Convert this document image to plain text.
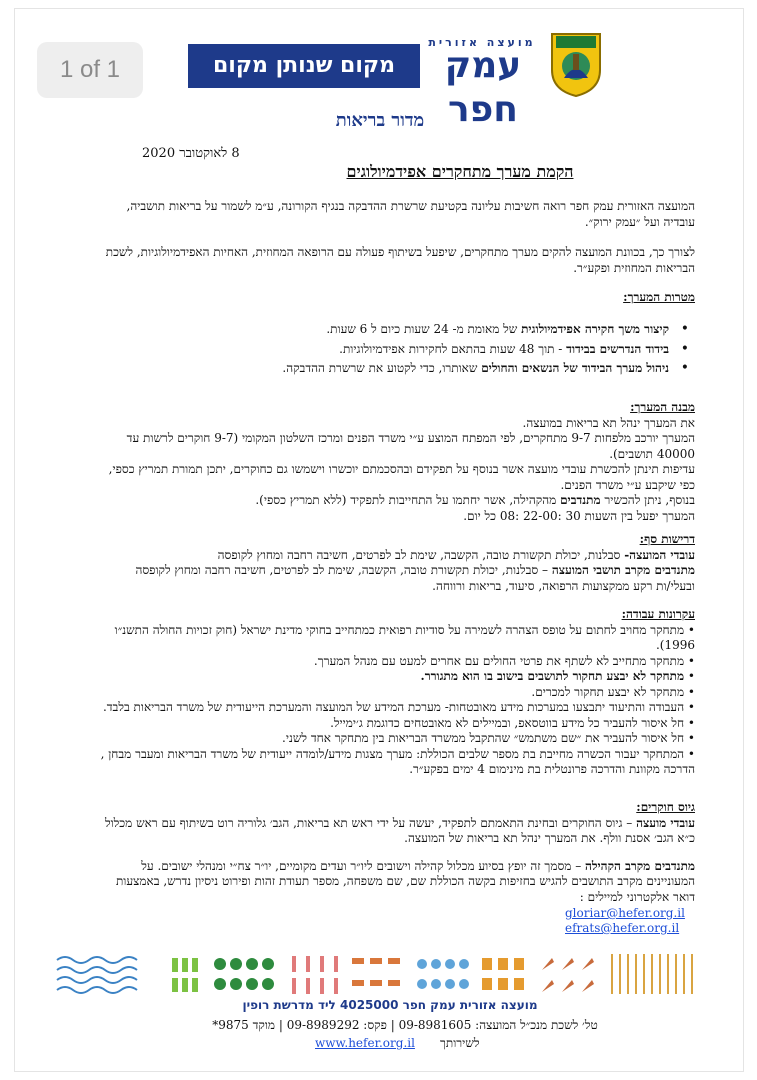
1 of 1
מועצה אזורית
עמק חפר
מקום שנותן מקום
מדור בריאות
8 לאוקטובר 2020
הקמת מערך מתחקרים אפידמיולוגים
המועצה האזורית עמק חפר רואה חשיבות עליונה בקטיעת שרשרת ההדבקה בנגיף הקורונה, ע״מ לשמור על בריאות תושביה, עובדיה ועל ״עמק ירוק״.
לצורך כך, בכוונת המועצה להקים מערך מתחקרים, שיפעל בשיתוף פעולה עם הרופאה המחוזית, האחיות האפידמיולוגיות, לשכת הבריאות המחוזית ופקע״ר.
מטרות המערך:
• קיצור משך חקירה אפידמיולוגית של מאומת מ- 24 שעות כיום ל 6 שעות.
• בידוד הנדרשים בבידוד - תוך 48 שעות בהתאם לחקירות אפידמיולוגיות.
• ניהול מערך הבידוד של הנשאים והחולים שאותרו, כדי לקטוע את שרשרת ההדבקה.
מבנה המערך:
את המערך ינהל תא בריאות במועצה.
המערך יורכב מלפחות 9-7 מתחקרים, לפי המפתח המוצע ע״י משרד הפנים ומרכז השלטון המקומי (9-7 חוקרים לרשות עד 40000 תושבים).
עדיפות תינתן להכשרת עובדי מועצה אשר בנוסף על תפקידם ובהסכמתם יוכשרו וישמשו גם כחוקרים, יתכן תמורת תמריץ כספי, כפי שיקבע ע״י משרד הפנים.
בנוסף, ניתן להכשיר מתנדבים מהקהילה, אשר יחתמו על התחייבות לתפקיד (ללא תמריץ כספי).
המערך יפעל בין השעות 30 :22-00 :08 כל יום.
דרישות סף:
עובדי המועצה- סבלנות, יכולת תקשורת טובה, הקשבה, שימת לב לפרטים, חשיבה רחבה ומחוץ לקופסה
מתנדבים מקרב תושבי המועצה – סבלנות, יכולת תקשורת טובה, הקשבה, שימת לב לפרטים, חשיבה רחבה ומחוץ לקופסה ובעלי/ות רקע ממקצועות הרפואה, סיעוד, בריאות ורווחה.
עקרונות עבודה:
• מתחקר מחויב לחתום על טופס הצהרה לשמירה על סודיות רפואית כמתחייב בחוקי מדינת ישראל (חוק זכויות החולה התשנ״ו 1996).
• מתחקר מתחייב לא לשתף את פרטי החולים עם אחרים למעט עם מנהל המערך.
• מתחקר לא יבצע תחקור לתושבים בישוב בו הוא מתגורר.
• מתחקר לא יבצע תחקור למכרים.
• העבודה והתיעוד יתבצעו במערכות מידע מאובטחות- מערכת המידע של המועצה והמערכת הייעודית של משרד הבריאות בלבד.
• חל איסור להעביר כל מידע בווטסאפ, ובמיילים לא מאובטחים כדוגמת ג׳ימייל.
• חל איסור להעביר את ״שם משתמש״ שהתקבל ממשרד הבריאות בין מתחקר אחד לשני.
• המתחקר יעבור הכשרה מחייבת בת מספר שלבים הכוללת: מערך מצגות מידע/לומדה ייעודית של משרד הבריאות ומעבר מבחן , הדרכה מקוונת והדרכה פרונטלית בת מינימום 4 ימים בפקע״ר.
גיוס חוקרים:
עובדי מועצה – גיוס החוקרים ובחינת התאמתם לתפקיד, יעשה על ידי ראש תא בריאות, הגב׳ גלוריה רוט בשיתוף עם ראש מכלול כ״א הגב׳ אסנת וולף. את המערך ינהל תא בריאות של המועצה.
מתנדבים מקרב הקהילה – מסמך זה יופץ בסיוע מכלול קהילה וישובים ליו״ר ועדים מקומיים, יו״ר צח״י ומנהלי ישובים. על המעוניינים מקרב התושבים להגיש בחזיפות בקשה הכוללת שם, שם משפחה, מספר תעודת זהות ופירוט ניסיון נדרש, באמצעות דואר אלקטרוני למיילים :
gloriar@hefer.org.il
efrats@hefer.org.il
מועצה אזורית עמק חפר 4025000 ליד מדרשת רופין
טל׳ לשכת מנכ״ל המועצה: 09-8981605 | פקס: 09-8989292 | מוקד 9875*
www.hefer.org.il לשירותך
